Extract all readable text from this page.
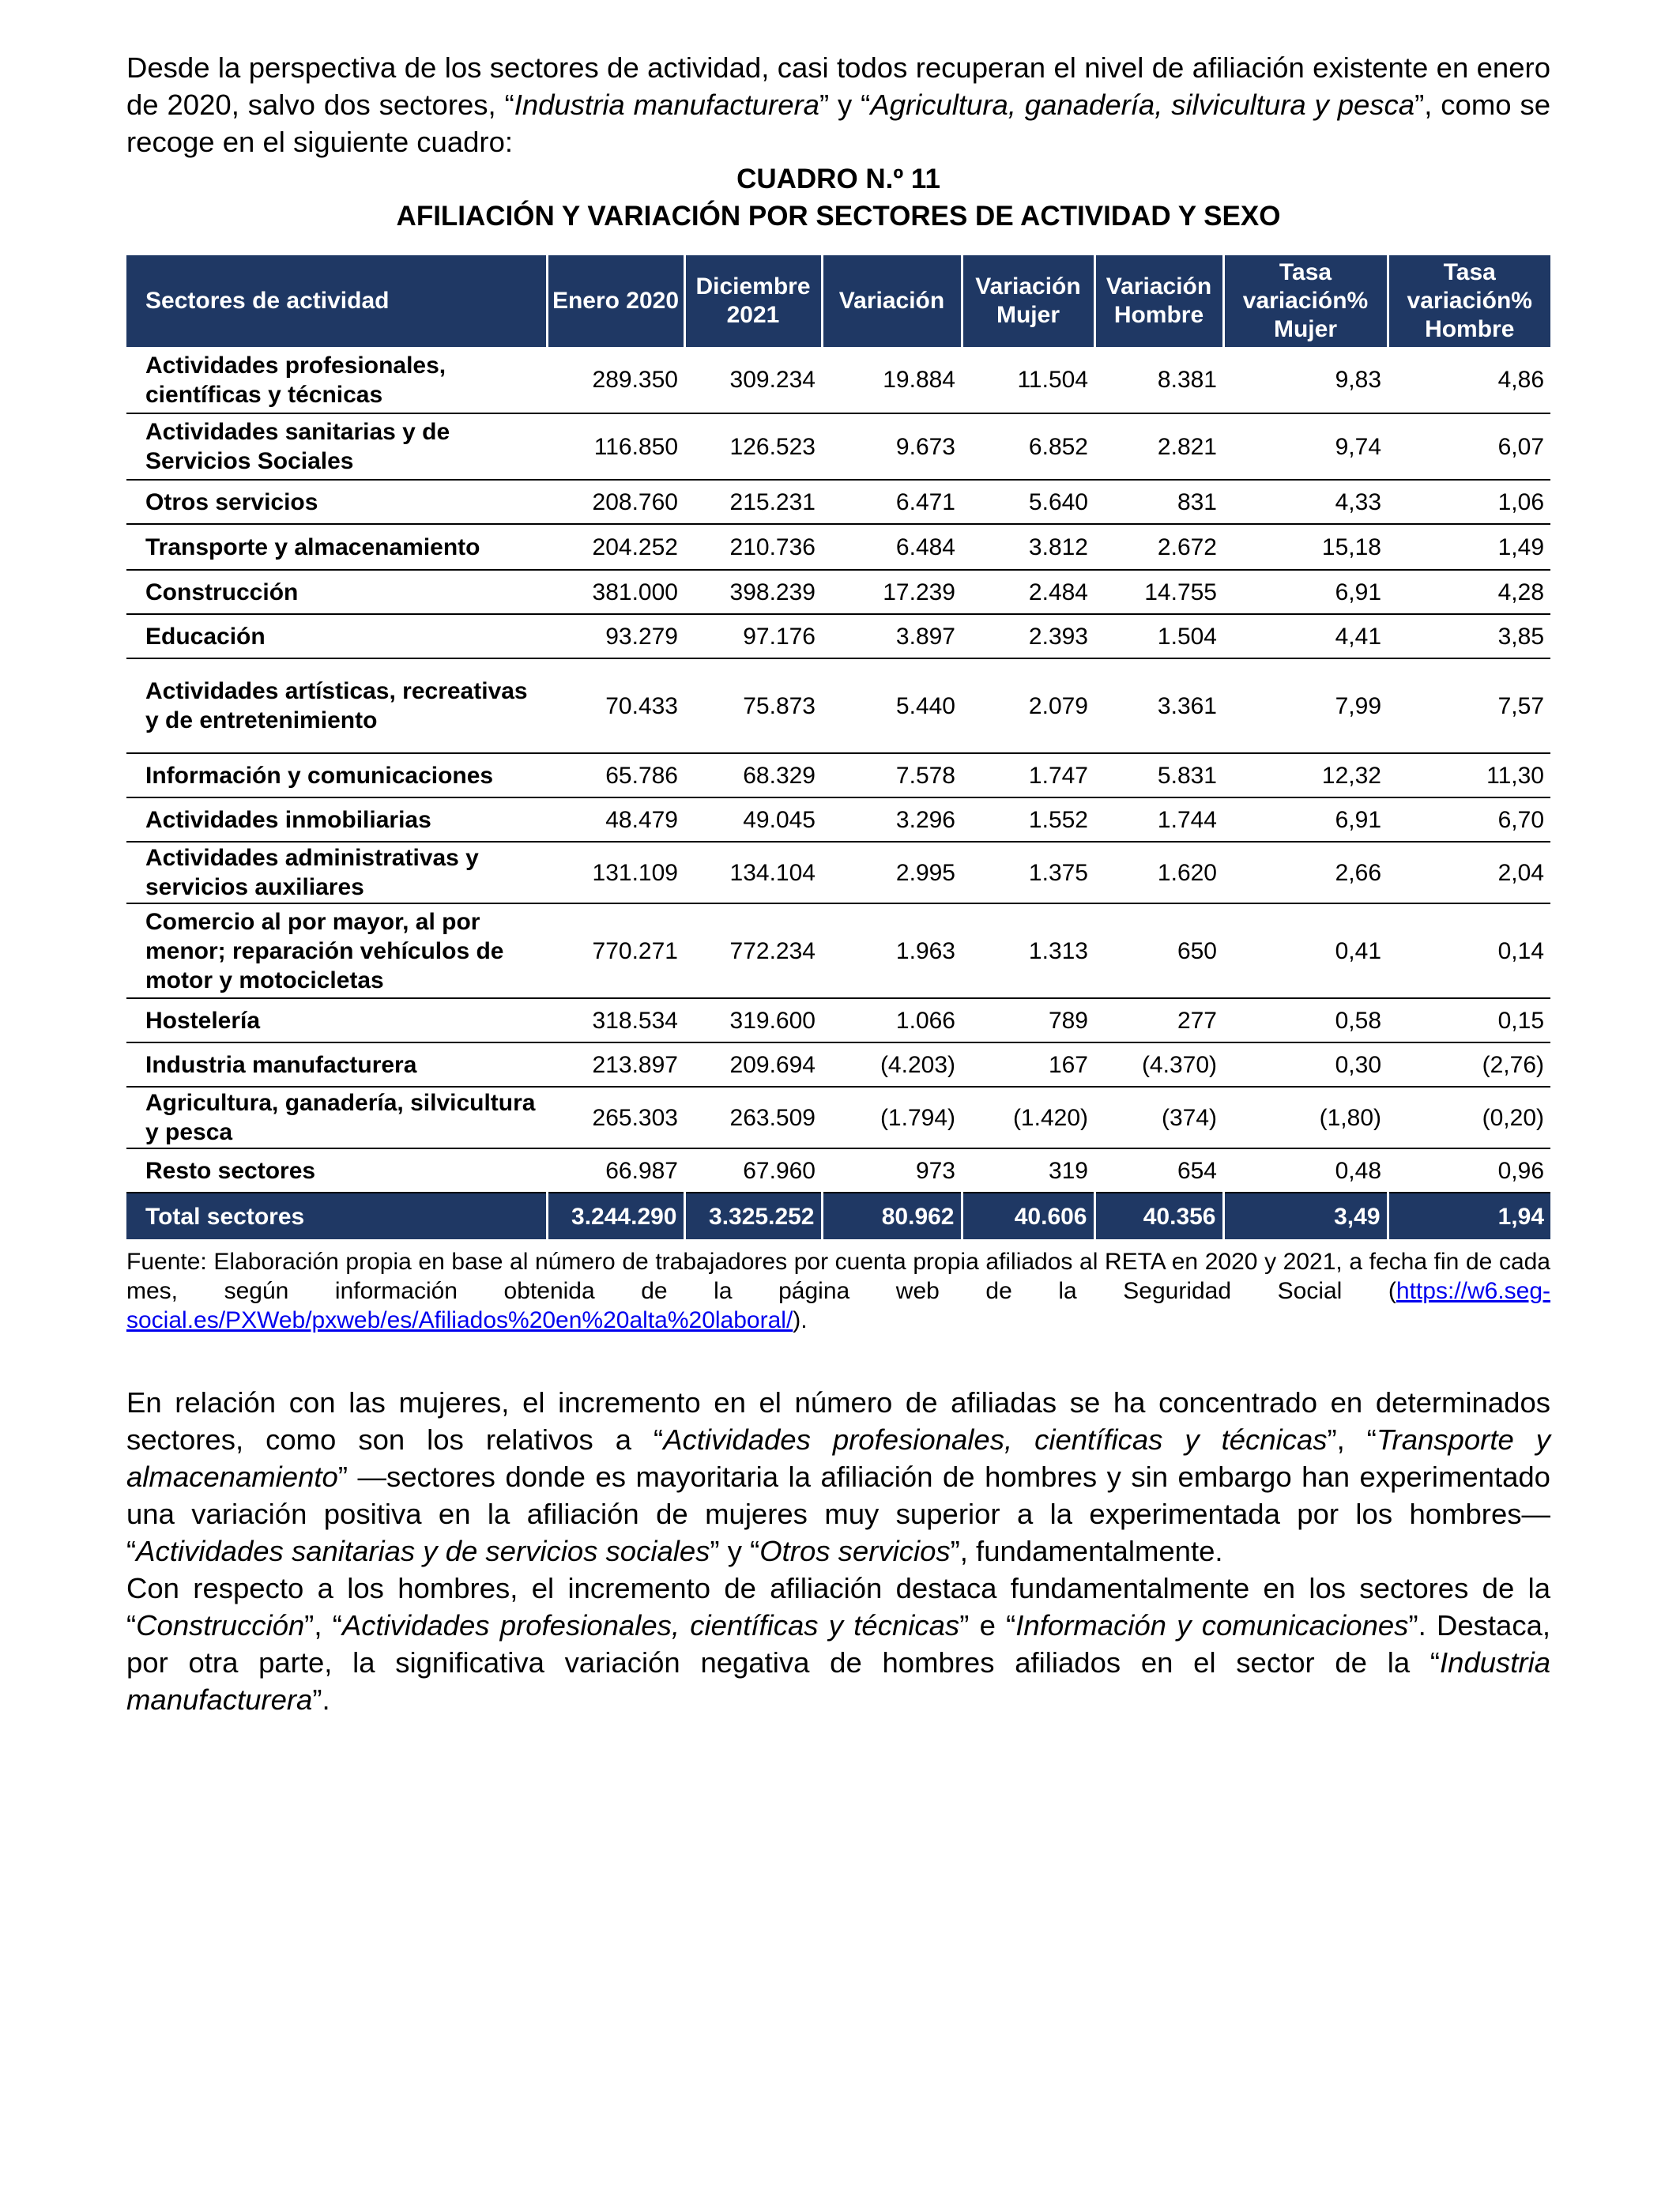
Desde la perspectiva de los sectores de actividad, casi todos recuperan el nivel de afiliación existente en enero de 2020, salvo dos sectores, “Industria manufacturera” y “Agricultura, ganadería, silvicultura y pesca”, como se recoge en el siguiente cuadro:

CUADRO N.º 11
AFILIACIÓN Y VARIACIÓN POR SECTORES DE ACTIVIDAD Y SEXO
Sectores de actividad	Enero 2020	Diciembre 2021	Variación	Variación Mujer	Variación Hombre	Tasa variación% Mujer	Tasa variación% Hombre
Actividades profesionales, científicas y técnicas	289.350	309.234	19.884	11.504	8.381	9,83	4,86
Actividades sanitarias y de Servicios Sociales	116.850	126.523	9.673	6.852	2.821	9,74	6,07
Otros servicios	208.760	215.231	6.471	5.640	831	4,33	1,06
Transporte y almacenamiento	204.252	210.736	6.484	3.812	2.672	15,18	1,49
Construcción	381.000	398.239	17.239	2.484	14.755	6,91	4,28
Educación	93.279	97.176	3.897	2.393	1.504	4,41	3,85
Actividades artísticas, recreativas y de entretenimiento	70.433	75.873	5.440	2.079	3.361	7,99	7,57
Información y comunicaciones	65.786	68.329	7.578	1.747	5.831	12,32	11,30
Actividades inmobiliarias	48.479	49.045	3.296	1.552	1.744	6,91	6,70
Actividades administrativas y servicios auxiliares	131.109	134.104	2.995	1.375	1.620	2,66	2,04
Comercio al por mayor, al por menor; reparación vehículos de motor y motocicletas	770.271	772.234	1.963	1.313	650	0,41	0,14
Hostelería	318.534	319.600	1.066	789	277	0,58	0,15
Industria manufacturera	213.897	209.694	(4.203)	167	(4.370)	0,30	(2,76)
Agricultura, ganadería, silvicultura y pesca	265.303	263.509	(1.794)	(1.420)	(374)	(1,80)	(0,20)
Resto sectores	66.987	67.960	973	319	654	0,48	0,96
Total sectores	3.244.290	3.325.252	80.962	40.606	40.356	3,49	1,94
Fuente: Elaboración propia en base al número de trabajadores por cuenta propia afiliados al RETA en 2020 y 2021, a fecha fin de cada mes, según información obtenida de la página web de la Seguridad Social (https://w6.seg-social.es/PXWeb/pxweb/es/Afiliados%20en%20alta%20laboral/).

En relación con las mujeres, el incremento en el número de afiliadas se ha concentrado en determinados sectores, como son los relativos a “Actividades profesionales, científicas y técnicas”, “Transporte y almacenamiento” —sectores donde es mayoritaria la afiliación de hombres y sin embargo han experimentado una variación positiva en la afiliación de mujeres muy superior a la experimentada por los hombres— “Actividades sanitarias y de servicios sociales” y “Otros servicios”, fundamentalmente.

Con respecto a los hombres, el incremento de afiliación destaca fundamentalmente en los sectores de la “Construcción”, “Actividades profesionales, científicas y técnicas” e “Información y comunicaciones”. Destaca, por otra parte, la significativa variación negativa de hombres afiliados en el sector de la “Industria manufacturera”.
